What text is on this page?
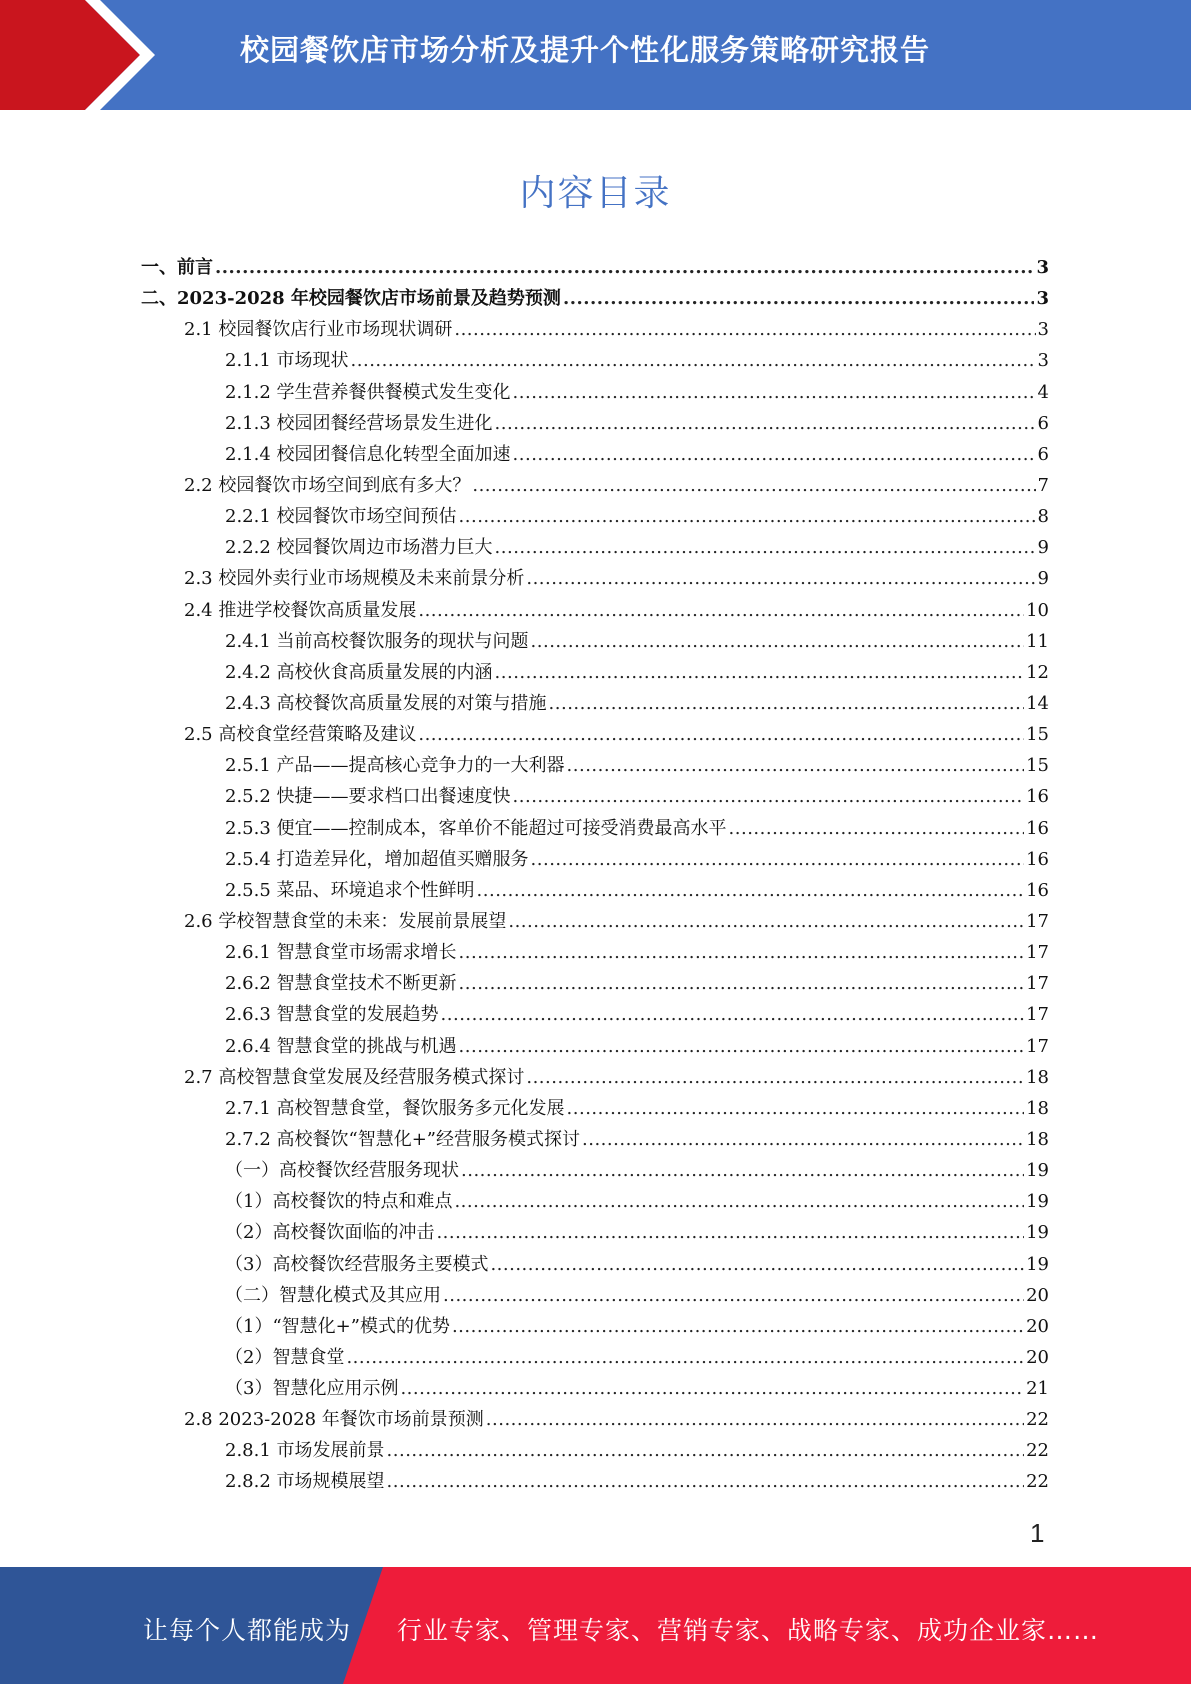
校园餐饮店市场分析及提升个性化服务策略研究报告
内容目录
一、前言 .....	3
二、2023-2028 年校园餐饮店市场前景及趋势预测 .....	3
2.1 校园餐饮店行业市场现状调研 .....	3
2.1.1 市场现状 .....	3
2.1.2 学生营养餐供餐模式发生变化 .....	4
2.1.3 校园团餐经营场景发生进化 .....	6
2.1.4 校园团餐信息化转型全面加速 .....	6
2.2 校园餐饮市场空间到底有多大？ .....	7
2.2.1 校园餐饮市场空间预估 .....	8
2.2.2 校园餐饮周边市场潜力巨大 .....	9
2.3 校园外卖行业市场规模及未来前景分析 .....	9
2.4 推进学校餐饮高质量发展 .....	10
2.4.1 当前高校餐饮服务的现状与问题 .....	11
2.4.2 高校伙食高质量发展的内涵 .....	12
2.4.3 高校餐饮高质量发展的对策与措施 .....	14
2.5 高校食堂经营策略及建议 .....	15
2.5.1 产品——提高核心竞争力的一大利器 .....	15
2.5.2 快捷——要求档口出餐速度快 .....	16
2.5.3 便宜——控制成本，客单价不能超过可接受消费最高水平 .....	16
2.5.4 打造差异化，增加超值买赠服务 .....	16
2.5.5 菜品、环境追求个性鲜明 .....	16
2.6 学校智慧食堂的未来：发展前景展望 .....	17
2.6.1 智慧食堂市场需求增长 .....	17
2.6.2 智慧食堂技术不断更新 .....	17
2.6.3 智慧食堂的发展趋势 .....	17
2.6.4 智慧食堂的挑战与机遇 .....	17
2.7 高校智慧食堂发展及经营服务模式探讨 .....	18
2.7.1 高校智慧食堂，餐饮服务多元化发展 .....	18
2.7.2 高校餐饮“智慧化+”经营服务模式探讨 .....	18
（一）高校餐饮经营服务现状 .....	19
（1）高校餐饮的特点和难点 .....	19
（2）高校餐饮面临的冲击 .....	19
（3）高校餐饮经营服务主要模式 .....	19
（二）智慧化模式及其应用 .....	20
（1）“智慧化+”模式的优势 .....	20
（2）智慧食堂 .....	20
（3）智慧化应用示例 .....	21
2.8 2023-2028 年餐饮市场前景预测 .....	22
2.8.1 市场发展前景 .....	22
2.8.2 市场规模展望 .....	22
1
让每个人都能成为 行业专家、管理专家、营销专家、战略专家、成功企业家……
